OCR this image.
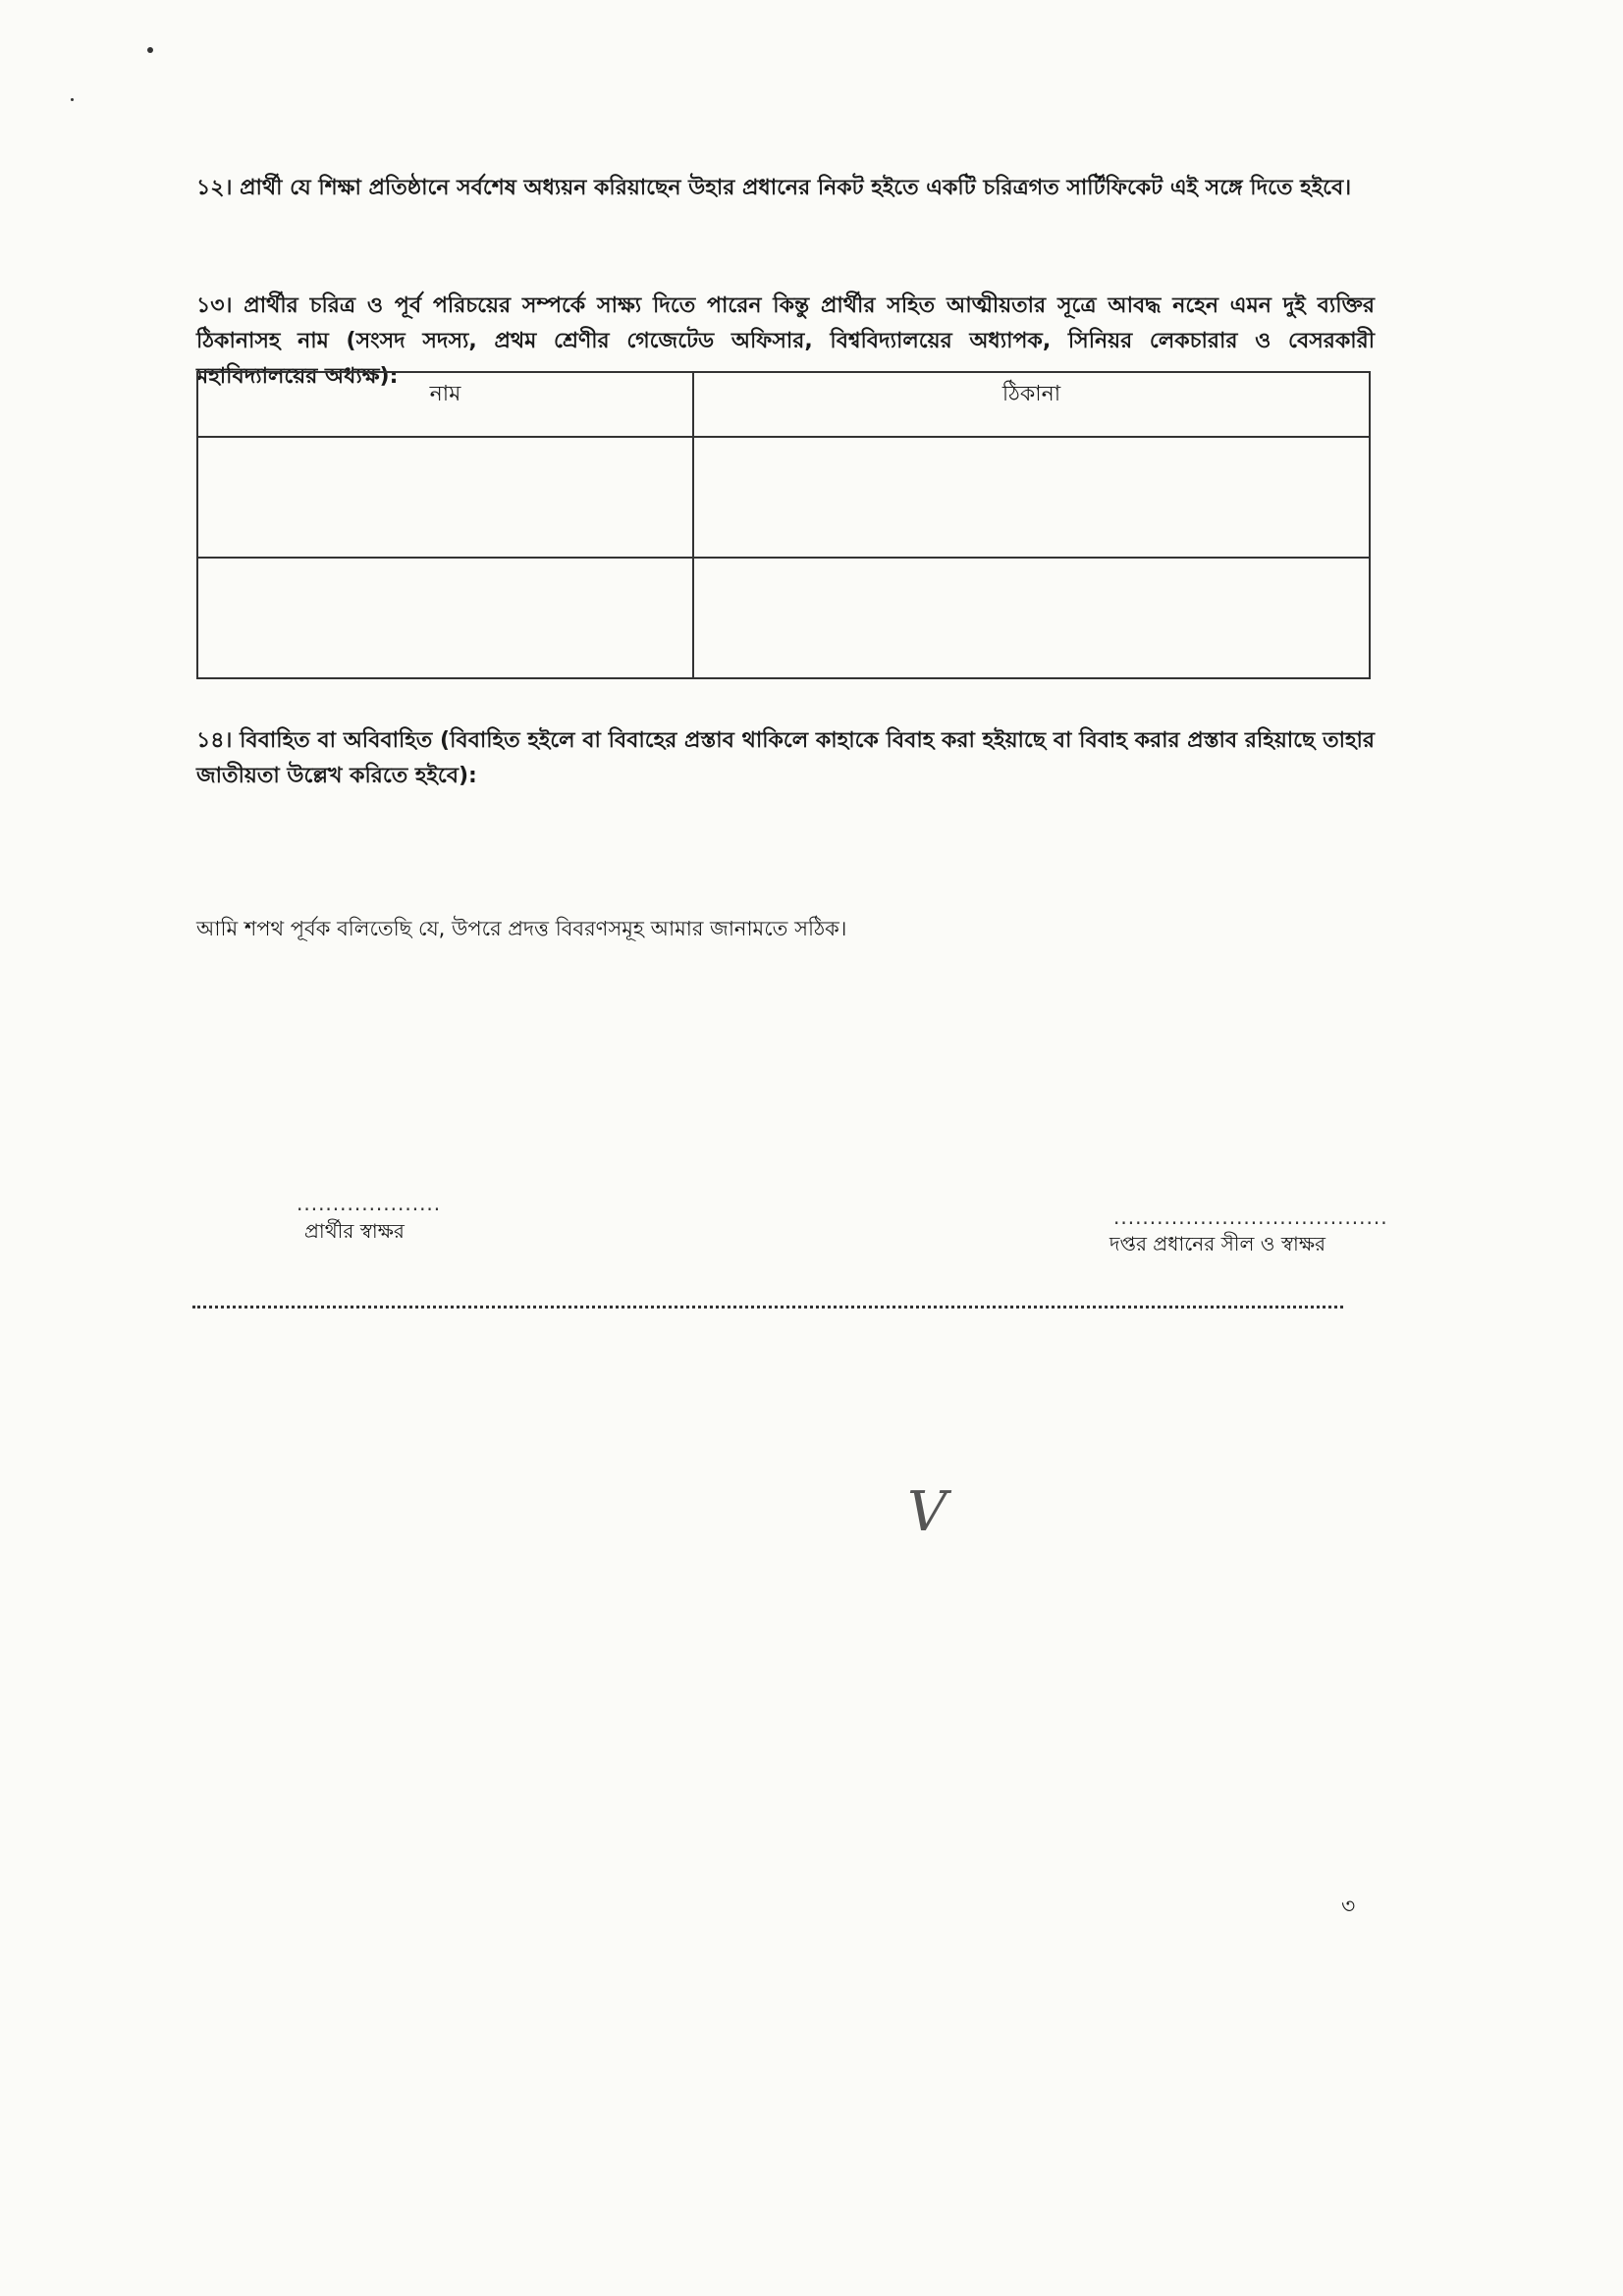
১২। প্রার্থী যে শিক্ষা প্রতিষ্ঠানে সর্বশেষ অধ্যয়ন করিয়াছেন উহার প্রধানের নিকট হইতে একটি চরিত্রগত সার্টিফিকেট এই সঙ্গে দিতে হইবে।

১৩। প্রার্থীর চরিত্র ও পূর্ব পরিচয়ের সম্পর্কে সাক্ষ্য দিতে পারেন কিন্তু প্রার্থীর সহিত আত্মীয়তার সূত্রে আবদ্ধ নহেন এমন দুই ব্যক্তির ঠিকানাসহ নাম (সংসদ সদস্য, প্রথম শ্রেণীর গেজেটেড অফিসার, বিশ্ববিদ্যালয়ের অধ্যাপক, সিনিয়র লেকচারার ও বেসরকারী মহাবিদ্যালয়ের অধ্যক্ষ):

নাম	ঠিকানা

১৪। বিবাহিত বা অবিবাহিত (বিবাহিত হইলে বা বিবাহের প্রস্তাব থাকিলে কাহাকে বিবাহ করা হইয়াছে বা বিবাহ করার প্রস্তাব রহিয়াছে তাহার জাতীয়তা উল্লেখ করিতে হইবে):

আমি শপথ পূর্বক বলিতেছি যে, উপরে প্রদত্ত বিবরণসমূহ আমার জানামতে সঠিক।
....................
প্রার্থীর স্বাক্ষর
......................................
দপ্তর প্রধানের সীল ও স্বাক্ষর
V
৩
